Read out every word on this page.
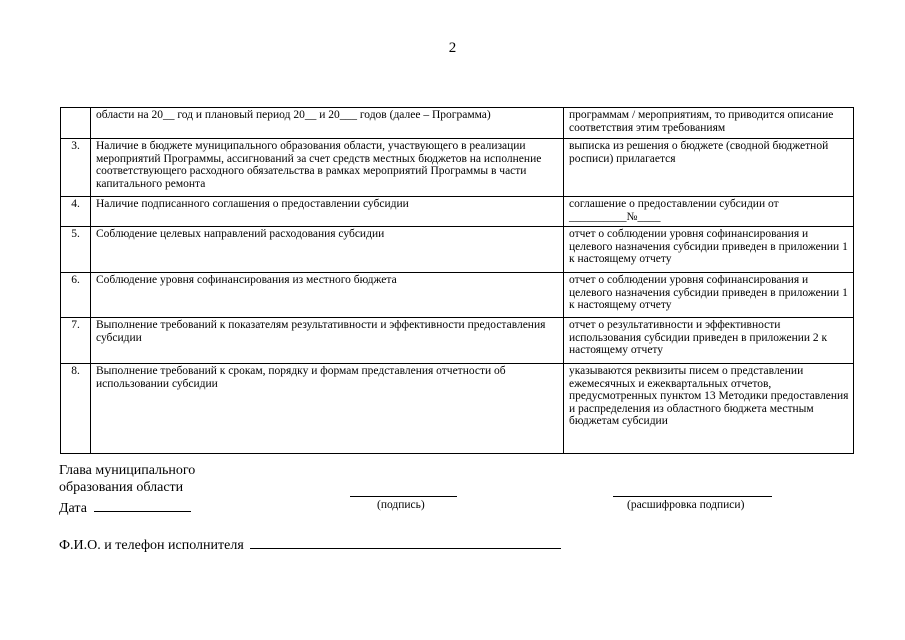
2
	области на 20__ год и плановый период 20__ и 20___ годов (далее – Программа)	программам / мероприятиям, то приводится описание соответствия этим требованиям
3.	Наличие в бюджете муниципального образования области, участвующего в реализации мероприятий Программы, ассигнований за счет средств местных бюджетов на исполнение соответствующего расходного обязательства в рамках мероприятий Программы в части капитального ремонта	выписка из решения о бюджете (сводной бюджетной росписи) прилагается
4.	Наличие подписанного соглашения о предоставлении субсидии	соглашение о предоставлении субсидии от __________№____
5.	Соблюдение целевых направлений расходования субсидии	отчет о соблюдении уровня софинансирования и целевого назначения субсидии приведен в приложении 1 к настоящему отчету
6.	Соблюдение уровня софинансирования из местного бюджета	отчет о соблюдении уровня софинансирования и целевого назначения субсидии приведен в приложении 1 к настоящему отчету
7.	Выполнение требований к показателям результативности и эффективности предоставления субсидии	отчет о результативности и эффективности использования субсидии приведен в приложении 2 к настоящему отчету
8.	Выполнение требований к срокам, порядку и формам представления отчетности об использовании субсидии	указываются реквизиты писем о представлении ежемесячных и ежеквартальных отчетов, предусмотренных пунктом 13 Методики предоставления и распределения из областного бюджета местным бюджетам субсидии
Глава муниципального
образования области
Дата	(подпись)	(расшифровка подписи)
Ф.И.О. и телефон исполнителя
